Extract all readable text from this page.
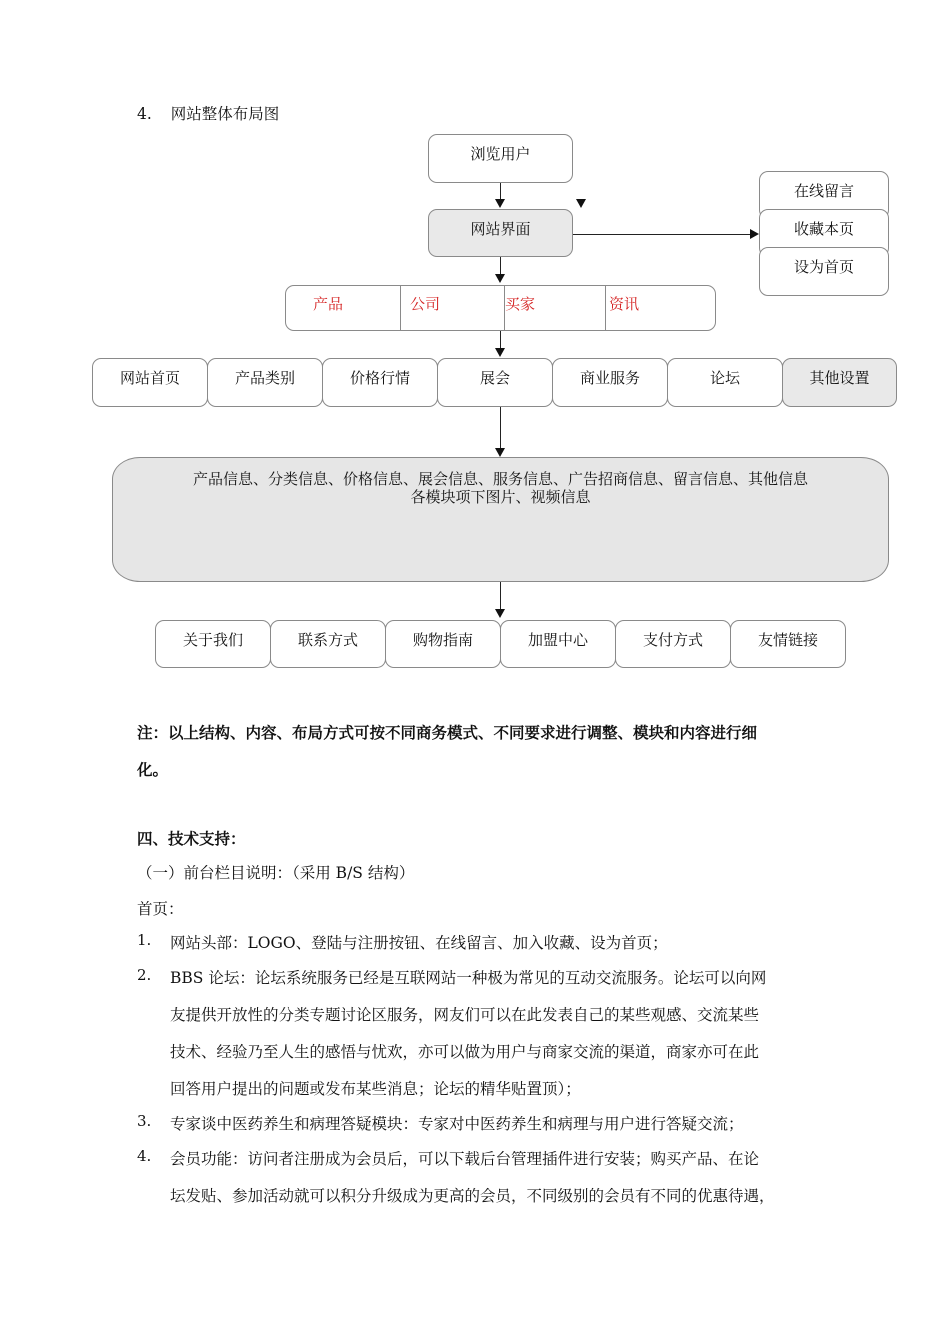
4. 网站整体布局图
浏览用户
网站界面
在线留言
收藏本页
设为首页
产品	公司	买家	资讯
网站首页	产品类别	价格行情	展会	商业服务	论坛	其他设置
产品信息、分类信息、价格信息、展会信息、服务信息、广告招商信息、留言信息、其他信息
各模块项下图片、视频信息
关于我们	联系方式	购物指南	加盟中心	支付方式	友情链接
注：以上结构、内容、布局方式可按不同商务模式、不同要求进行调整、模块和内容进行细
化。
四、技术支持：
（一）前台栏目说明：（采用 B/S 结构）
首页：
1. 网站头部：LOGO、登陆与注册按钮、在线留言、加入收藏、设为首页；
2. BBS 论坛：论坛系统服务已经是互联网站一种极为常见的互动交流服务。论坛可以向网
友提供开放性的分类专题讨论区服务，网友们可以在此发表自己的某些观感、交流某些
技术、经验乃至人生的感悟与忧欢，亦可以做为用户与商家交流的渠道，商家亦可在此
回答用户提出的问题或发布某些消息；论坛的精华贴置顶）；
3. 专家谈中医药养生和病理答疑模块：专家对中医药养生和病理与用户进行答疑交流；
4. 会员功能：访问者注册成为会员后，可以下载后台管理插件进行安装；购买产品、在论
坛发贴、参加活动就可以积分升级成为更高的会员，不同级别的会员有不同的优惠待遇，
